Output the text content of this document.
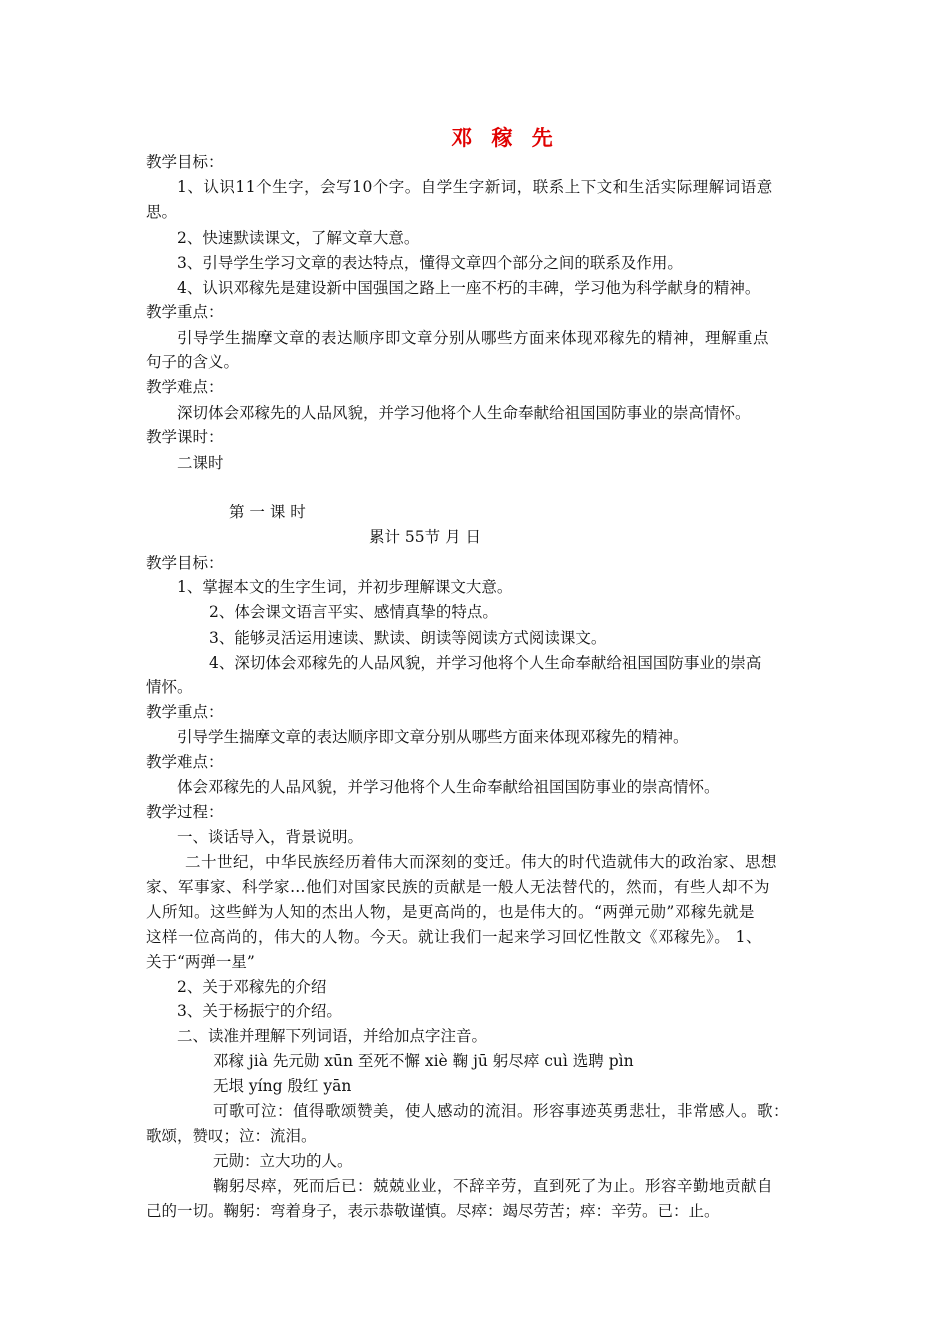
邓 稼 先
教学目标：
1、认识11个生字，会写10个字。自学生字新词，联系上下文和生活实际理解词语意
思。
2、快速默读课文，了解文章大意。
3、引导学生学习文章的表达特点，懂得文章四个部分之间的联系及作用。
4、认识邓稼先是建设新中国强国之路上一座不朽的丰碑，学习他为科学献身的精神。
教学重点：
引导学生揣摩文章的表达顺序即文章分别从哪些方面来体现邓稼先的精神，理解重点
句子的含义。
教学难点：
深切体会邓稼先的人品风貌，并学习他将个人生命奉献给祖国国防事业的崇高情怀。
教学课时：
二课时
第 一 课 时
累计 55节 月 日
教学目标：
1、掌握本文的生字生词，并初步理解课文大意。
2、体会课文语言平实、感情真挚的特点。
3、能够灵活运用速读、默读、朗读等阅读方式阅读课文。
4、深切体会邓稼先的人品风貌，并学习他将个人生命奉献给祖国国防事业的崇高
情怀。
教学重点：
引导学生揣摩文章的表达顺序即文章分别从哪些方面来体现邓稼先的精神。
教学难点：
体会邓稼先的人品风貌，并学习他将个人生命奉献给祖国国防事业的崇高情怀。
教学过程：
一、谈话导入，背景说明。
二十世纪，中华民族经历着伟大而深刻的变迁。伟大的时代造就伟大的政治家、思想
家、军事家、科学家…他们对国家民族的贡献是一般人无法替代的，然而，有些人却不为
人所知。这些鲜为人知的杰出人物，是更高尚的，也是伟大的。“两弹元勋”邓稼先就是
这样一位高尚的，伟大的人物。今天。就让我们一起来学习回忆性散文《邓稼先》。 1、
关于“两弹一星”
2、关于邓稼先的介绍
3、关于杨振宁的介绍。
二、读准并理解下列词语，并给加点字注音。
邓稼 jià 先元勋 xūn 至死不懈 xiè 鞠 jū 躬尽瘁 cuì 选聘 pìn
无垠 yíng 殷红 yān
可歌可泣：值得歌颂赞美，使人感动的流泪。形容事迹英勇悲壮，非常感人。歌：
歌颂，赞叹；泣：流泪。
元勋：立大功的人。
鞠躬尽瘁，死而后已：兢兢业业，不辞辛劳，直到死了为止。形容辛勤地贡献自
己的一切。鞠躬：弯着身子，表示恭敬谨慎。尽瘁：竭尽劳苦；瘁：辛劳。已：止。
